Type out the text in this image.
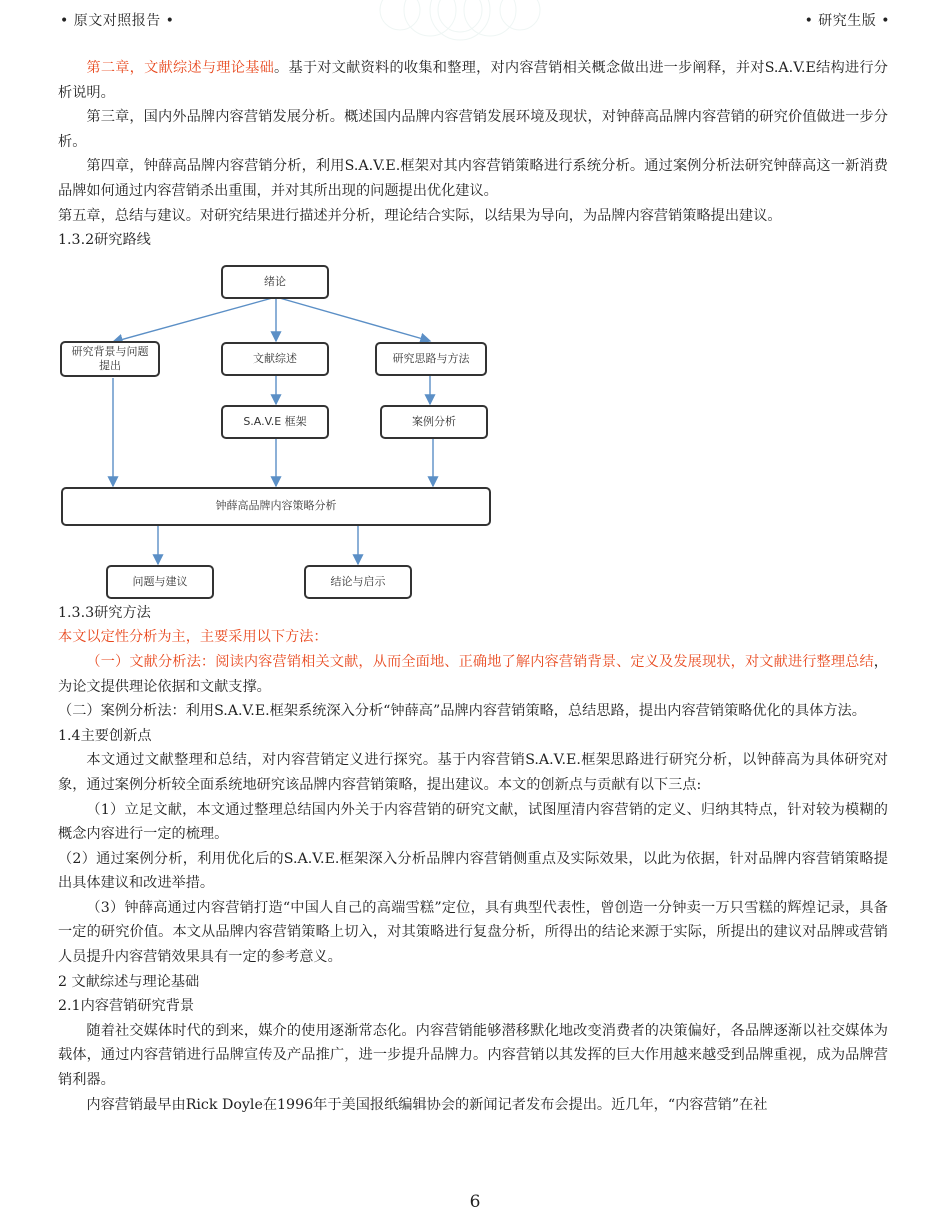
• 原文对照报告 •	• 研究生版 •

第二章，文献综述与理论基础。基于对文献资料的收集和整理，对内容营销相关概念做出进一步阐释，并对S.A.V.E结构进行分析说明。

第三章，国内外品牌内容营销发展分析。概述国内品牌内容营销发展环境及现状，对钟薛高品牌内容营销的研究价值做进一步分析。

第四章，钟薛高品牌内容营销分析，利用S.A.V.E.框架对其内容营销策略进行系统分析。通过案例分析法研究钟薛高这一新消费品牌如何通过内容营销杀出重围，并对其所出现的问题提出优化建议。

第五章，总结与建议。对研究结果进行描述并分析，理论结合实际，以结果为导向，为品牌内容营销策略提出建议。

1.3.2研究路线

绪论
研究背景与问题提出
文献综述	研究思路与方法
S.A.V.E 框架	案例分析
钟薛高品牌内容策略分析
问题与建议	结论与启示

1.3.3研究方法

本文以定性分析为主，主要采用以下方法：

（一）文献分析法：阅读内容营销相关文献，从而全面地、正确地了解内容营销背景、定义及发展现状，对文献进行整理总结，为论文提供理论依据和文献支撑。

（二）案例分析法：利用S.A.V.E.框架系统深入分析“钟薛高”品牌内容营销策略，总结思路，提出内容营销策略优化的具体方法。

1.4主要创新点

本文通过文献整理和总结，对内容营销定义进行探究。基于内容营销S.A.V.E.框架思路进行研究分析，以钟薛高为具体研究对象，通过案例分析较全面系统地研究该品牌内容营销策略，提出建议。本文的创新点与贡献有以下三点:

（1）立足文献，本文通过整理总结国内外关于内容营销的研究文献，试图厘清内容营销的定义、归纳其特点，针对较为模糊的概念内容进行一定的梳理。

（2）通过案例分析，利用优化后的S.A.V.E.框架深入分析品牌内容营销侧重点及实际效果，以此为依据，针对品牌内容营销策略提出具体建议和改进举措。

（3）钟薛高通过内容营销打造“中国人自己的高端雪糕”定位，具有典型代表性，曾创造一分钟卖一万只雪糕的辉煌记录，具备一定的研究价值。本文从品牌内容营销策略上切入，对其策略进行复盘分析，所得出的结论来源于实际，所提出的建议对品牌或营销人员提升内容营销效果具有一定的参考意义。

2 文献综述与理论基础

2.1内容营销研究背景

随着社交媒体时代的到来，媒介的使用逐渐常态化。内容营销能够潜移默化地改变消费者的决策偏好，各品牌逐渐以社交媒体为载体，通过内容营销进行品牌宣传及产品推广，进一步提升品牌力。内容营销以其发挥的巨大作用越来越受到品牌重视，成为品牌营销利器。

内容营销最早由Rick Doyle在1996年于美国报纸编辑协会的新闻记者发布会提出。近几年，“内容营销”在社

6
